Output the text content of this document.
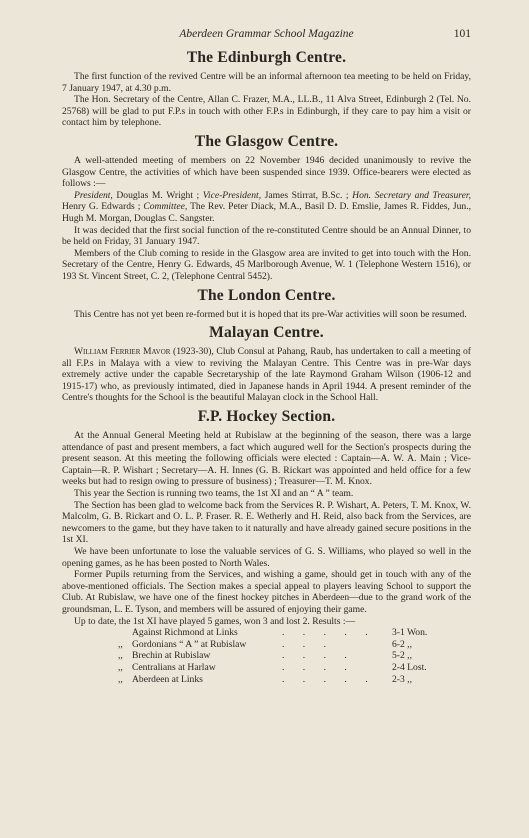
Aberdeen Grammar School Magazine	101
The Edinburgh Centre.

The first function of the revived Centre will be an informal afternoon tea meeting to be held on Friday, 7 January 1947, at 4.30 p.m.

The Hon. Secretary of the Centre, Allan C. Frazer, M.A., LL.B., 11 Alva Street, Edinburgh 2 (Tel. No. 25768) will be glad to put F.P.s in touch with other F.P.s in Edinburgh, if they care to pay him a visit or contact him by telephone.

The Glasgow Centre.

A well-attended meeting of members on 22 November 1946 decided unanimously to revive the Glasgow Centre, the activities of which have been suspended since 1939. Office-bearers were elected as follows :—

President, Douglas M. Wright ; Vice-President, James Stirrat, B.Sc. ; Hon. Secretary and Treasurer, Henry G. Edwards ; Committee, The Rev. Peter Diack, M.A., Basil D. D. Emslie, James R. Fiddes, Jun., Hugh M. Morgan, Douglas C. Sangster.

It was decided that the first social function of the re-constituted Centre should be an Annual Dinner, to be held on Friday, 31 January 1947.

Members of the Club coming to reside in the Glasgow area are invited to get into touch with the Hon. Secretary of the Centre, Henry G. Edwards, 45 Marlborough Avenue, W. 1 (Telephone Western 1516), or 193 St. Vincent Street, C. 2, (Telephone Central 5452).

The London Centre.

This Centre has not yet been re-formed but it is hoped that its pre-War activities will soon be resumed.

Malayan Centre.

William Ferrier Mavor (1923-30), Club Consul at Pahang, Raub, has undertaken to call a meeting of all F.P.s in Malaya with a view to reviving the Malayan Centre. This Centre was in pre-War days extremely active under the capable Secretaryship of the late Raymond Graham Wilson (1906-12 and 1915-17) who, as previously intimated, died in Japanese hands in April 1944. A present reminder of the Centre's thoughts for the School is the beautiful Malayan clock in the School Hall.

F.P. Hockey Section.

At the Annual General Meeting held at Rubislaw at the beginning of the season, there was a large attendance of past and present members, a fact which augured well for the Section's prospects during the present season. At this meeting the following officials were elected : Captain—A. W. A. Main ; Vice-Captain—R. P. Wishart ; Secretary—A. H. Innes (G. B. Rickart was appointed and held office for a few weeks but had to resign owing to pressure of business) ; Treasurer—T. M. Knox.

This year the Section is running two teams, the 1st XI and an “ A ” team.

The Section has been glad to welcome back from the Services R. P. Wishart, A. Peters, T. M. Knox, W. Malcolm, G. B. Rickart and O. L. P. Fraser. R. E. Wetherly and H. Reid, also back from the Services, are newcomers to the game, but they have taken to it naturally and have already gained secure positions in the 1st XI.

We have been unfortunate to lose the valuable services of G. S. Williams, who played so well in the opening games, as he has been posted to North Wales.

Former Pupils returning from the Services, and wishing a game, should get in touch with any of the above-mentioned officials. The Section makes a special appeal to players leaving School to support the Club. At Rubislaw, we have one of the finest hockey pitches in Aberdeen—due to the grand work of the groundsman, L. E. Tyson, and members will be assured of enjoying their game.

Up to date, the 1st XI have played 5 games, won 3 and lost 2. Results :—

Against Richmond at Links	. . . . .	3-1 Won.
,, Gordonians “ A ” at Rubislaw	. . .	6-2 ,,
,, Brechin at Rubislaw	. . . .	5-2 ,,
,, Centralians at Harlaw	. . . .	2-4 Lost.
,, Aberdeen at Links	. . . . .	2-3 ,,
